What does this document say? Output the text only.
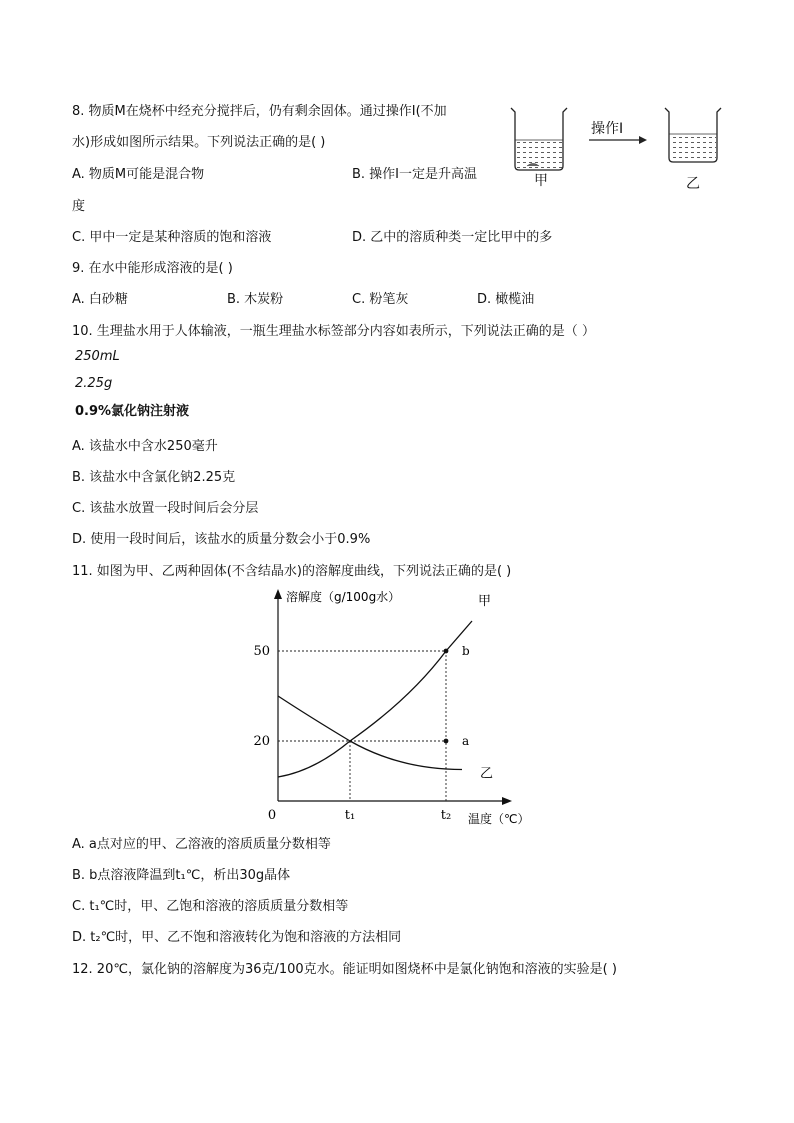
8. 物质M在烧杯中经充分搅拌后，仍有剩余固体。通过操作Ⅰ(不加
水)形成如图所示结果。下列说法正确的是( )
A. 物质M可能是混合物	B. 操作Ⅰ一定是升高温
度
C. 甲中一定是某种溶质的饱和溶液	D. 乙中的溶质种类一定比甲中的多
操作Ⅰ
甲	乙
9. 在水中能形成溶液的是( )
A. 白砂糖	B. 木炭粉	C. 粉笔灰	D. 橄榄油
10. 生理盐水用于人体输液，一瓶生理盐水标签部分内容如表所示，下列说法正确的是（ ）
250mL
2.25g
0.9%氯化钠注射液
A. 该盐水中含水250毫升
B. 该盐水中含氯化钠2.25克
C. 该盐水放置一段时间后会分层
D. 使用一段时间后，该盐水的质量分数会小于0.9%
11. 如图为甲、乙两种固体(不含结晶水)的溶解度曲线，下列说法正确的是( )
20
50
a
b
甲
乙
溶解度（g/100g水）
温度（℃）
0	t₁	t₂
A. a点对应的甲、乙溶液的溶质质量分数相等
B. b点溶液降温到t₁℃，析出30g晶体
C. t₁℃时，甲、乙饱和溶液的溶质质量分数相等
D. t₂℃时，甲、乙不饱和溶液转化为饱和溶液的方法相同
12. 20℃，氯化钠的溶解度为36克/100克水。能证明如图烧杯中是氯化钠饱和溶液的实验是( )
